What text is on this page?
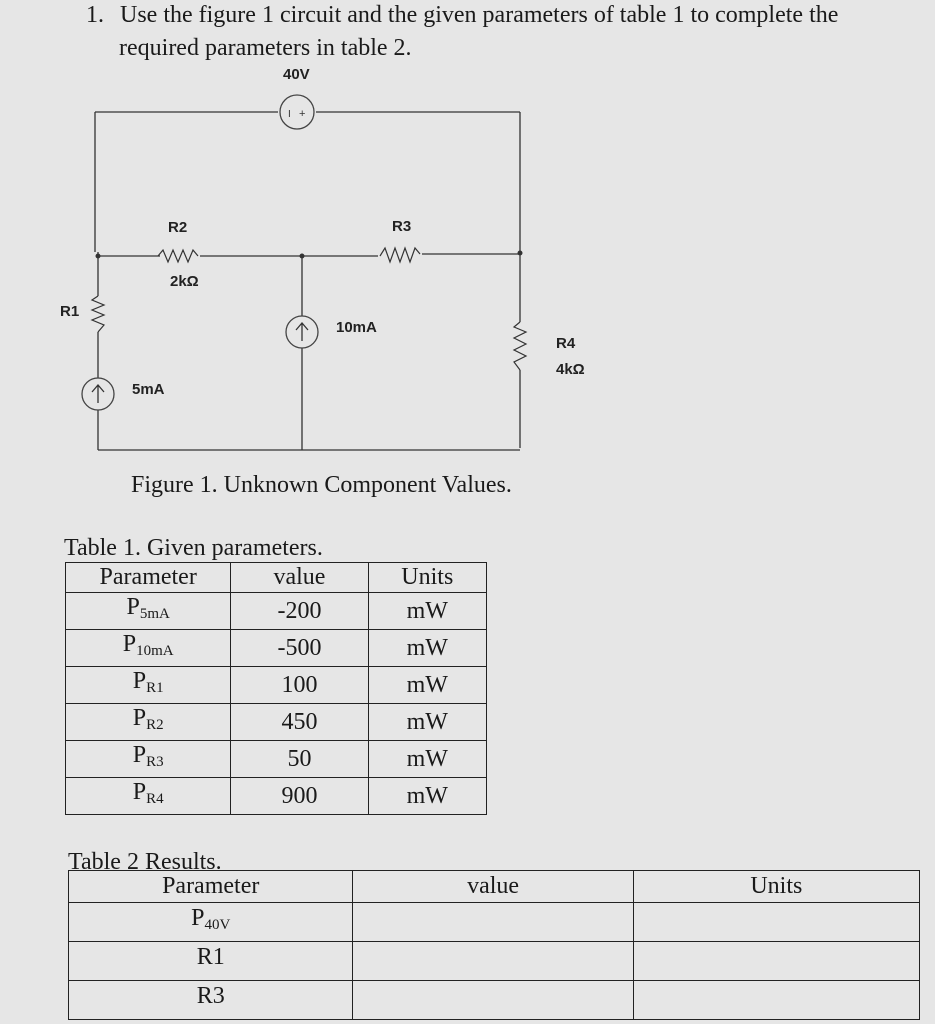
1. Use the figure 1 circuit and the given parameters of table 1 to complete the
required parameters in table 2.
I +
40V
R2
2kΩ
R3
R1
R4
4kΩ
5mA
10mA
Figure 1. Unknown Component Values.
Table 1. Given parameters.
Parameter	value	Units
$P_{5mA}$	-200	mW
$P_{10mA}$	-500	mW
$P_{R1}$	100	mW
$P_{R2}$	450	mW
$P_{R3}$	50	mW
$P_{R4}$	900	mW
Table 2 Results.
Parameter	value	Units
$P_{40V}$		
R1		
R3		
